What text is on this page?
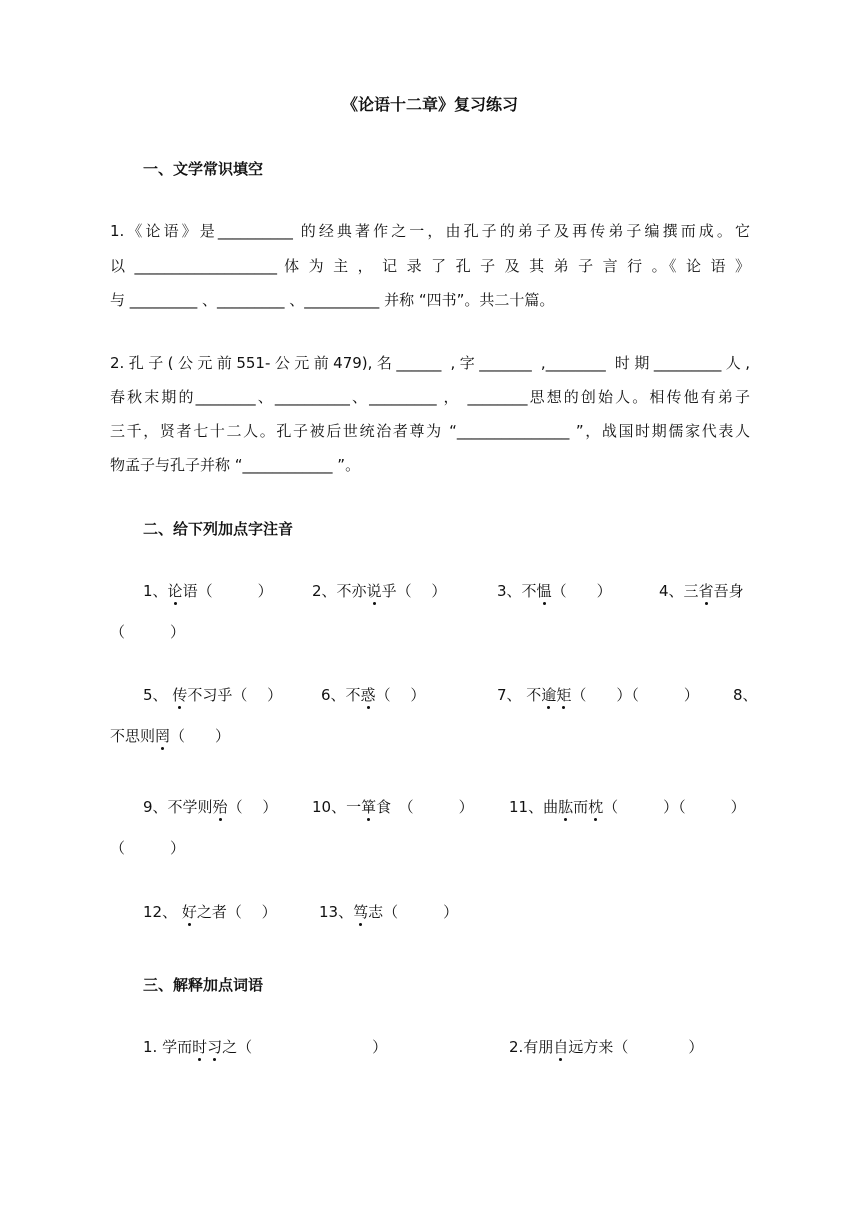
《论语十二章》复习练习
一、文学常识填空
1.《论语》是__________ 的经典著作之一，由孔子的弟子及再传弟子编撰而成。它
以 ___________________ 体 为 主 ， 记 录 了 孔 子 及 其 弟 子 言 行 。《 论 语 》
与 _________ 、_________ 、__________ 并称 “四书”。共二十篇。
2.孔子(公元前551-公元前479),名______ ,字_______ ,________ 时期_________人,
春秋末期的________、__________、_________ ， ________思想的创始人。相传他有弟子
三千，贤者七十二人。孔子被后世统治者尊为 “_______________ ”，战国时期儒家代表人
物孟子与孔子并称 “____________ ”。
二、给下列加点字注音
1、论语（　　　）	2、不亦说乎（　 ）	3、不愠（　　）	4、三省吾身
（　　　）
5、 传不习乎（　 ）	6、不惑（　 ）	7、 不逾矩（　　）（　　　） 8、
不思则罔（　　）
9、不学则殆（　 ） 10、一箪食　（　　　） 11、曲肱而枕（　　　）（　　　）
（　　　）
12、 好之者（　 ）	13、笃志（　　　）
三、解释加点词语
1. 学而时习之（　　　　　　　　）	2.有朋自远方来（　　　　）
